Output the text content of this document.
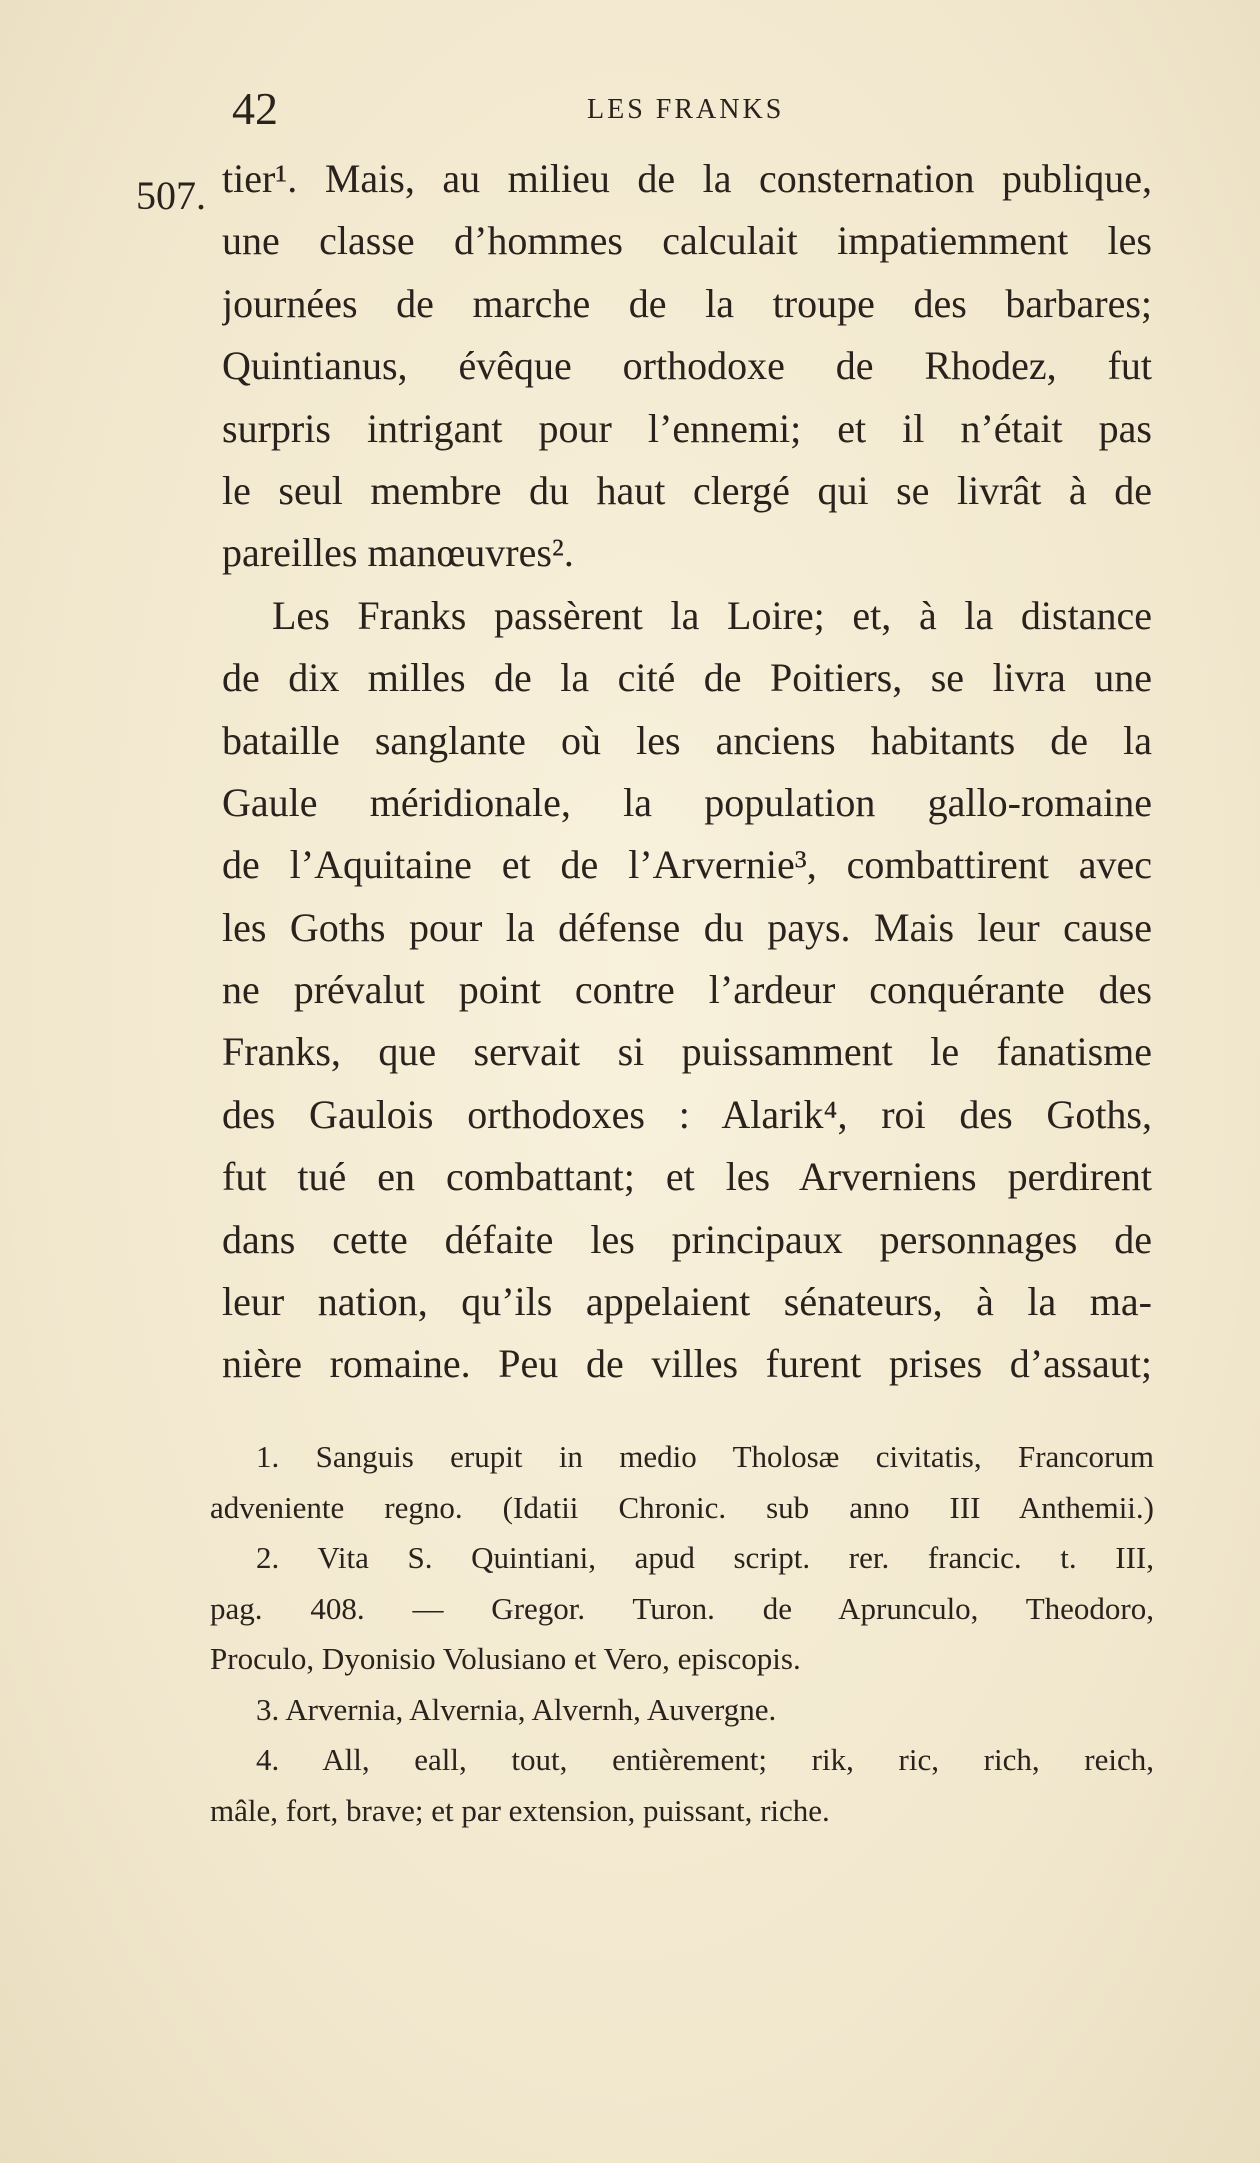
42	LES FRANKS
507. tier¹. Mais, au milieu de la consternation publique,
une classe d’hommes calculait impatiemment les
journées de marche de la troupe des barbares;
Quintianus, évêque orthodoxe de Rhodez, fut
surpris intrigant pour l’ennemi; et il n’était pas
le seul membre du haut clergé qui se livrât à de
pareilles manœuvres².
Les Franks passèrent la Loire; et, à la distance
de dix milles de la cité de Poitiers, se livra une
bataille sanglante où les anciens habitants de la
Gaule méridionale, la population gallo-romaine
de l’Aquitaine et de l’Arvernie³, combattirent avec
les Goths pour la défense du pays. Mais leur cause
ne prévalut point contre l’ardeur conquérante des
Franks, que servait si puissamment le fanatisme
des Gaulois orthodoxes : Alarik⁴, roi des Goths,
fut tué en combattant; et les Arverniens perdirent
dans cette défaite les principaux personnages de
leur nation, qu’ils appelaient sénateurs, à la ma-
nière romaine. Peu de villes furent prises d’assaut;
1. Sanguis erupit in medio Tholosæ civitatis, Francorum
adveniente regno. (Idatii Chronic. sub anno III Anthemii.)
2. Vita S. Quintiani, apud script. rer. francic. t. III,
pag. 408. — Gregor. Turon. de Aprunculo, Theodoro,
Proculo, Dyonisio Volusiano et Vero, episcopis.
3. Arvernia, Alvernia, Alvernh, Auvergne.
4. All, eall, tout, entièrement; rik, ric, rich, reich,
mâle, fort, brave; et par extension, puissant, riche.
